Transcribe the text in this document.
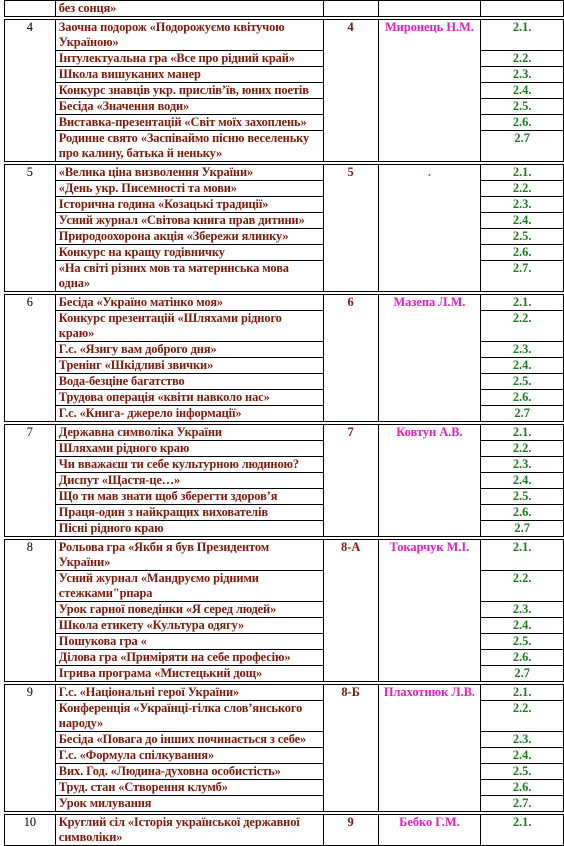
	без сонця»			

4	Заочна подорож «Подорожуємо квітучою Україною»	4	Миронець Н.М.	2.1.
	Інтулектуальна гра «Все про рідний край»			2.2.
	Школа вишуканих манер			2.3.
	Конкурс знавців укр. прислів’їв, юних поетів			2.4.
	Бесіда «Значення води»			2.5.
	Виставка-презентацій «Світ моїх захоплень»			2.6.
	Родинне свято «Заспіваймо пісню веселеньку про калину, батька й неньку»			2.7

5	«Велика ціна визволення України»	5	.	2.1.
	«День укр. Писемності та мови»			2.2.
	Історична година «Козацькі традиції»			2.3.
	Усний журнал «Світова книга прав дитини»			2.4.
	Природоохорона акція «Збережи ялинку»			2.5.
	Конкурс на кращу годівничку			2.6.
	«На світі різних мов та материнська мова одна»			2.7.

6	Бесіда «Україно матінко моя»	6	Мазепа Л.М.	2.1.
	Конкурс презентацій «Шляхами рідного краю»			2.2.
	Г.с. «Язигу вам доброго дня»			2.3.
	Тренінг «Шкідливі звички»			2.4.
	Вода-безціне багатство			2.5.
	Трудова операція «квіти навколо нас»			2.6.
	Г.с. «Книга- джерело інформації»			2.7

7	Державна символіка України	7	Ковтун А.В.	2.1.
	Шляхами рідного краю			2.2.
	Чи вважаєш ти себе культурною людиною?			2.3.
	Диспут «Щастя-це…»			2.4.
	Що ти мав знати щоб зберегти здоров’я			2.5.
	Праця-один з найкращих вихователів			2.6.
	Пісні рідного краю			2.7

8	Рольова гра «Якби я був Президентом України»	8-А	Токарчук М.І.	2.1.
	Усний журнал «Мандруємо рідними стежками"рпара			2.2.
	Урок гарної поведінки «Я серед людей»			2.3.
	Школа етикету «Культура одягу»			2.4.
	Пошукова гра «			2.5.
	Ділова гра «Приміряти на себе професію»			2.6.
	Ігрива програма «Мистецький дощ»			2.7

9	Г.с. «Національні герої України»	8-Б	Плахотнюк Л.В.	2.1.
	Конференція «Українці-гілка слов’янського народу»			2.2.
	Бесіда «Повага до інших починається з себе»			2.3.
	Г.с. «Формула спілкування»			2.4.
	Вих. Год. «Людина-духовна особистість»			2.5.
	Труд. стан «Створення клумб»			2.6.
	Урок милування			2.7.

10	Круглий сіл «Історія української державної символіки»	9	Бебко Г.М.	2.1.
